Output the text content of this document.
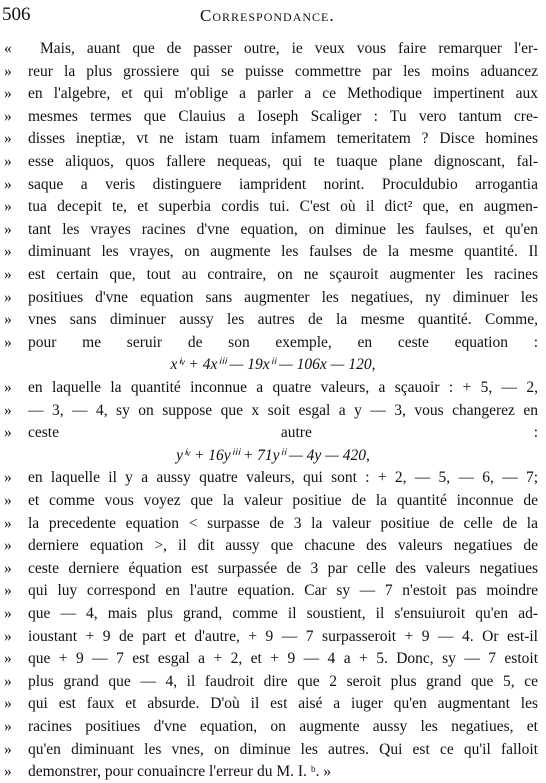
506	Correspondance.
«	Mais, auant que de passer outre, ie veux vous faire remarquer l'er-
»	reur la plus grossiere qui se puisse commettre par les moins aduancez
»	en l'algebre, et qui m'oblige a parler a ce Methodique impertinent aux
»	mesmes termes que Clauius a Ioseph Scaliger : Tu vero tantum cre-
»	disses ineptiæ, vt ne istam tuam infamem temeritatem ? Disce homines
»	esse aliquos, quos fallere nequeas, qui te tuaque plane dignoscant, fal-
»	saque a veris distinguere iamprident norint. Proculdubio arrogantia
»	tua decepit te, et superbia cordis tui. C'est où il dict² que, en augmen-
»	tant les vrayes racines d'vne equation, on diminue les faulses, et qu'en
»	diminuant les vrayes, on augmente les faulses de la mesme quantité. Il
»	est certain que, tout au contraire, on ne sçauroit augmenter les racines
»	positiues d'vne equation sans augmenter les negatiues, ny diminuer les
»	vnes sans diminuer aussy les autres de la mesme quantité. Comme,
»	pour me seruir de son exemple, en ceste equation :
xⁱᵛ + 4xⁱⁱⁱ — 19xⁱⁱ — 106x — 120,
»	en laquelle la quantité inconnue a quatre valeurs, a sçauoir : + 5, — 2,
»	— 3, — 4, sy on suppose que x soit esgal a y — 3, vous changerez en
»	ceste autre :
yⁱᵛ + 16yⁱⁱⁱ + 71yⁱⁱ — 4y — 420,
»	en laquelle il y a aussy quatre valeurs, qui sont : + 2, — 5, — 6, — 7;
»	et comme vous voyez que la valeur positiue de la quantité inconnue de
»	la precedente equation < surpasse de 3 la valeur positiue de celle de la
»	derniere equation >, il dit aussy que chacune des valeurs negatiues de
»	ceste derniere équation est surpassée de 3 par celle des valeurs negatiues
»	qui luy correspond en l'autre equation. Car sy — 7 n'estoit pas moindre
»	que — 4, mais plus grand, comme il soustient, il s'ensuiuroit qu'en ad-
»	ioustant + 9 de part et d'autre, + 9 — 7 surpasseroit + 9 — 4. Or est-il
»	que + 9 — 7 est esgal a + 2, et + 9 — 4 a + 5. Donc, sy — 7 estoit
»	plus grand que — 4, il faudroit dire que 2 seroit plus grand que 5, ce
»	qui est faux et absurde. D'où il est aisé a iuger qu'en augmentant les
»	racines positiues d'vne equation, on augmente aussy les negatiues, et
»	qu'en diminuant les vnes, on diminue les autres. Qui est ce qu'il falloit
»	demonstrer, pour conuaincre l'erreur du M. I. ᵇ. »
